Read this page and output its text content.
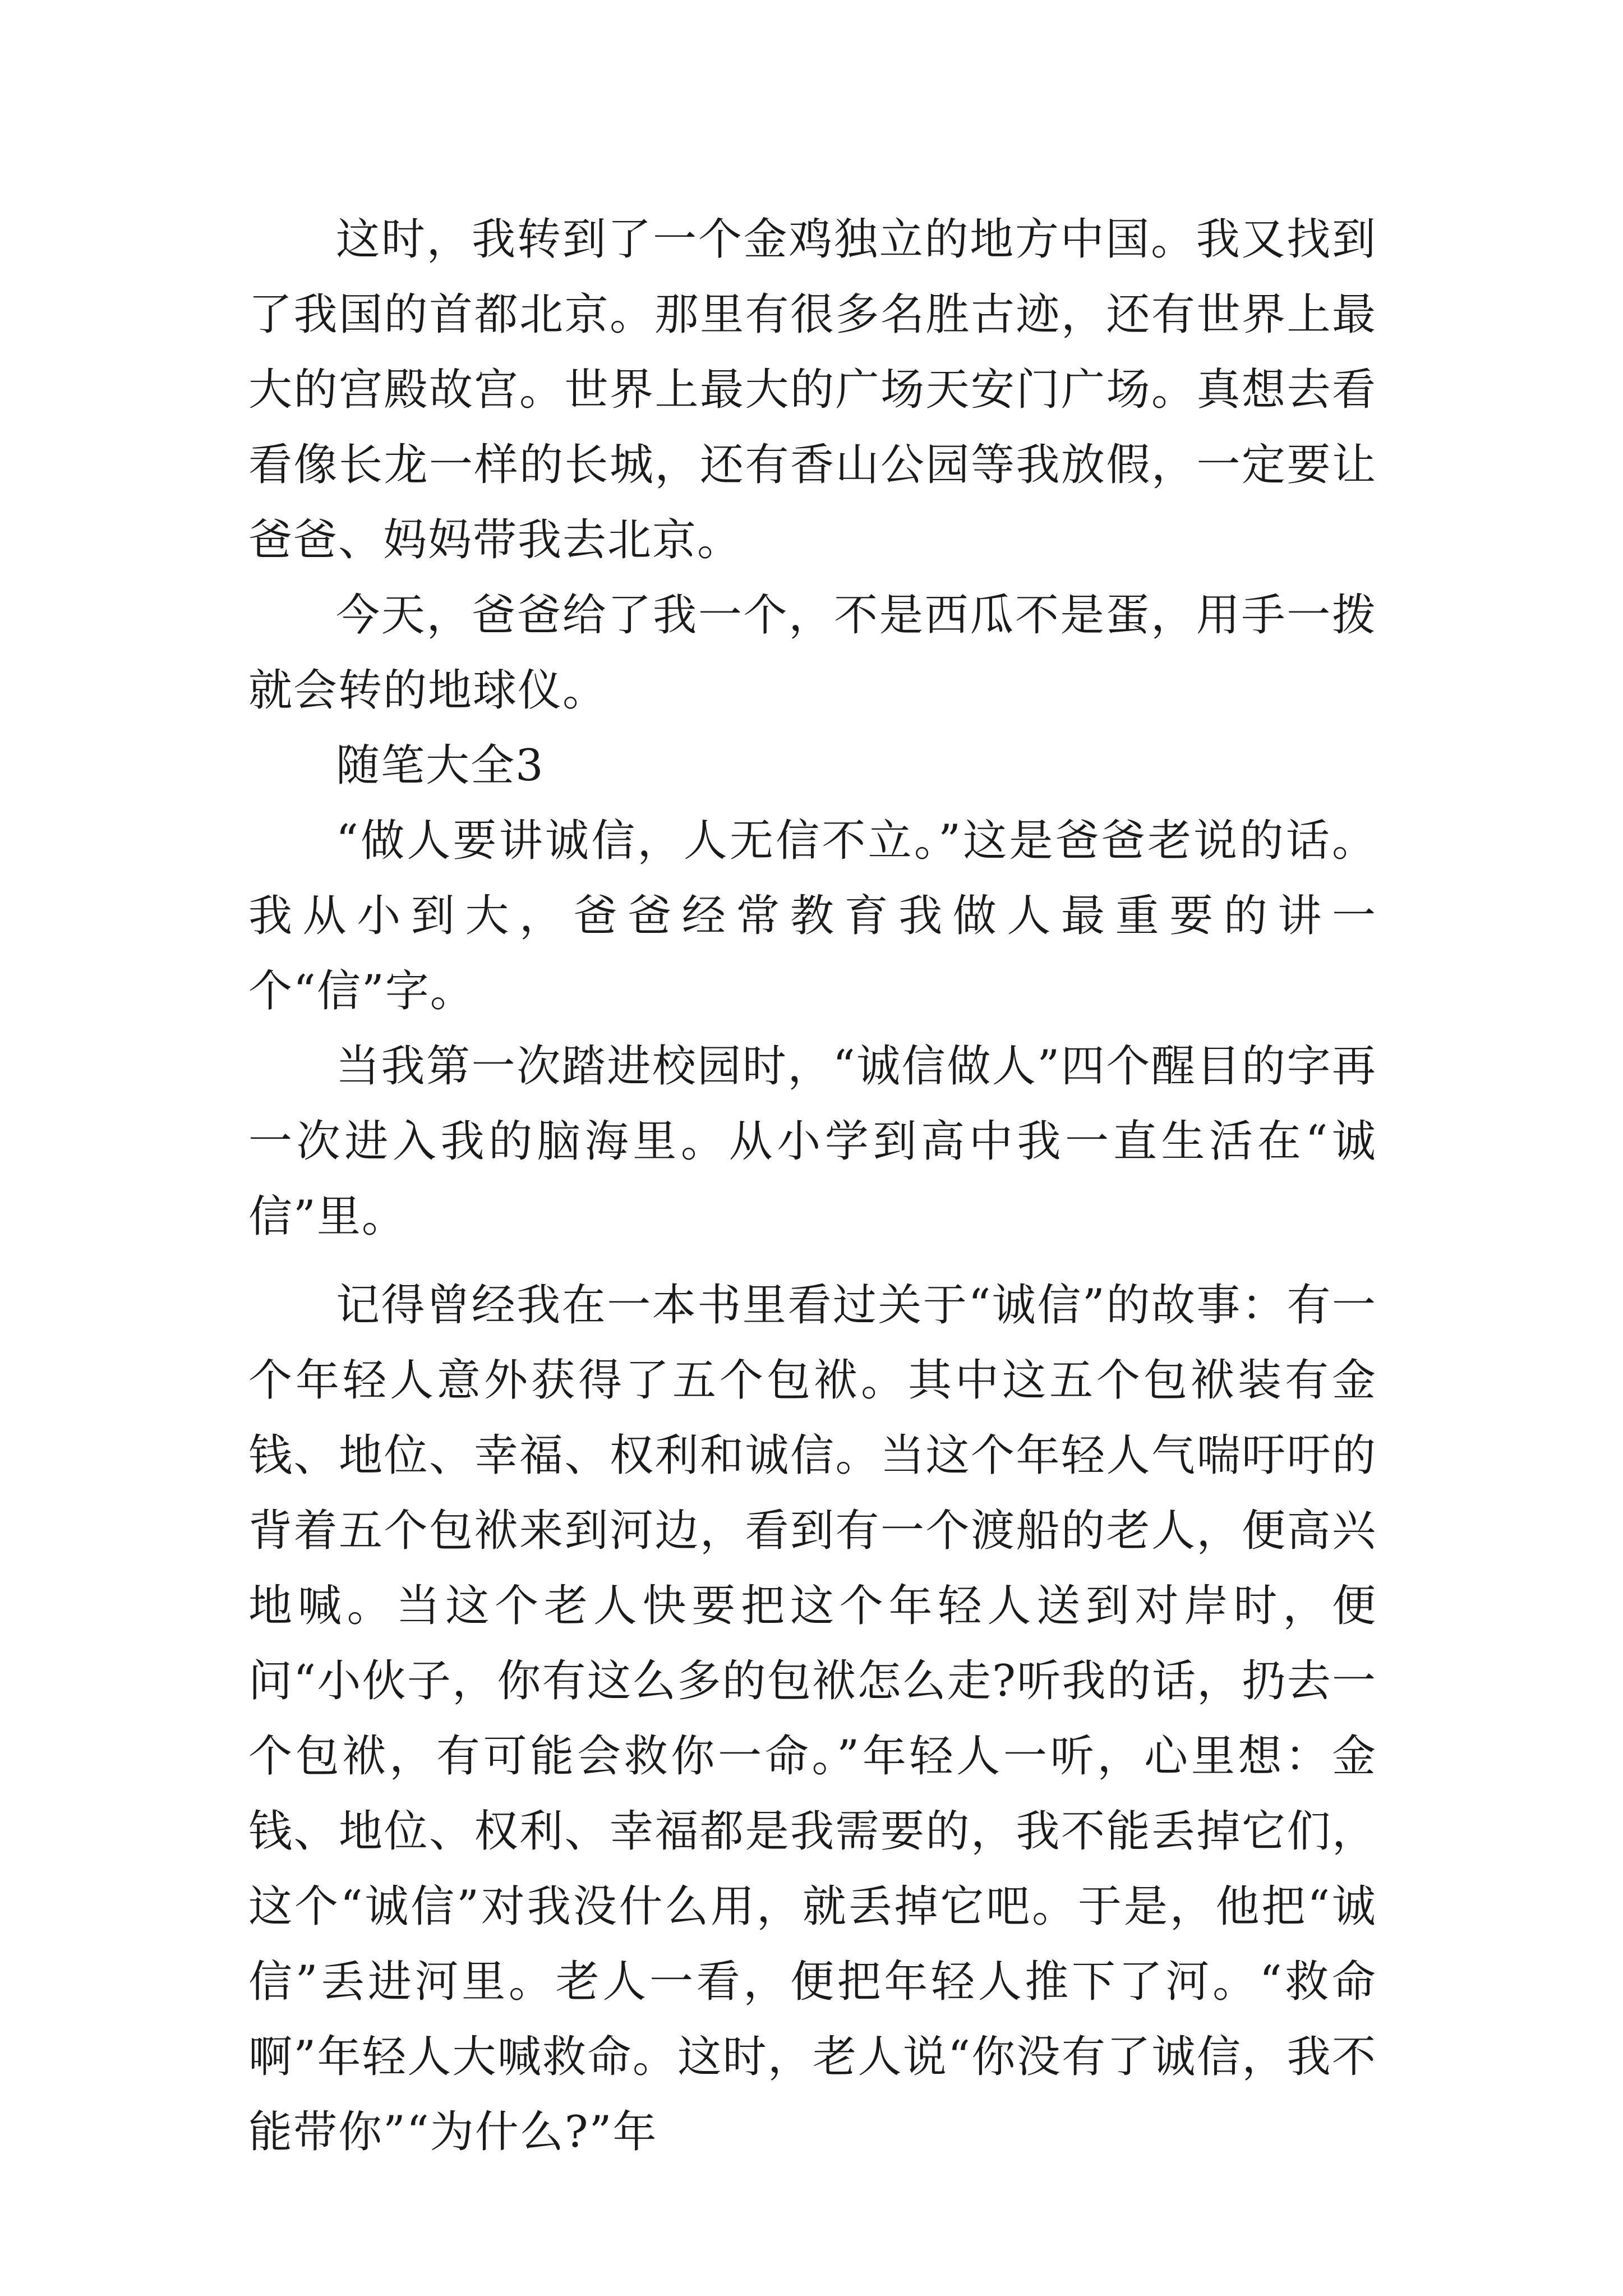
这时，我转到了一个金鸡独立的地方中国。我又找到了我国的首都北京。那里有很多名胜古迹，还有世界上最大的宫殿故宫。世界上最大的广场天安门广场。真想去看看像长龙一样的长城，还有香山公园等我放假，一定要让爸爸、妈妈带我去北京。

今天，爸爸给了我一个，不是西瓜不是蛋，用手一拨就会转的地球仪。

随笔大全3

“做人要讲诚信，人无信不立。”这是爸爸老说的话。我从小到大，爸爸经常教育我做人最重要的讲一个“信”字。

当我第一次踏进校园时，“诚信做人”四个醒目的字再一次进入我的脑海里。从小学到高中我一直生活在“诚信”里。

记得曾经我在一本书里看过关于“诚信”的故事：有一个年轻人意外获得了五个包袱。其中这五个包袱装有金钱、地位、幸福、权利和诚信。当这个年轻人气喘吁吁的背着五个包袱来到河边，看到有一个渡船的老人，便高兴地喊。当这个老人快要把这个年轻人送到对岸时，便问“小伙子，你有这么多的包袱怎么走?听我的话，扔去一个包袱，有可能会救你一命。”年轻人一听，心里想：金钱、地位、权利、幸福都是我需要的，我不能丢掉它们，这个“诚信”对我没什么用，就丢掉它吧。于是，他把“诚信”丢进河里。老人一看，便把年轻人推下了河。“救命啊”年轻人大喊救命。这时，老人说“你没有了诚信，我不能带你”“为什么?”年
